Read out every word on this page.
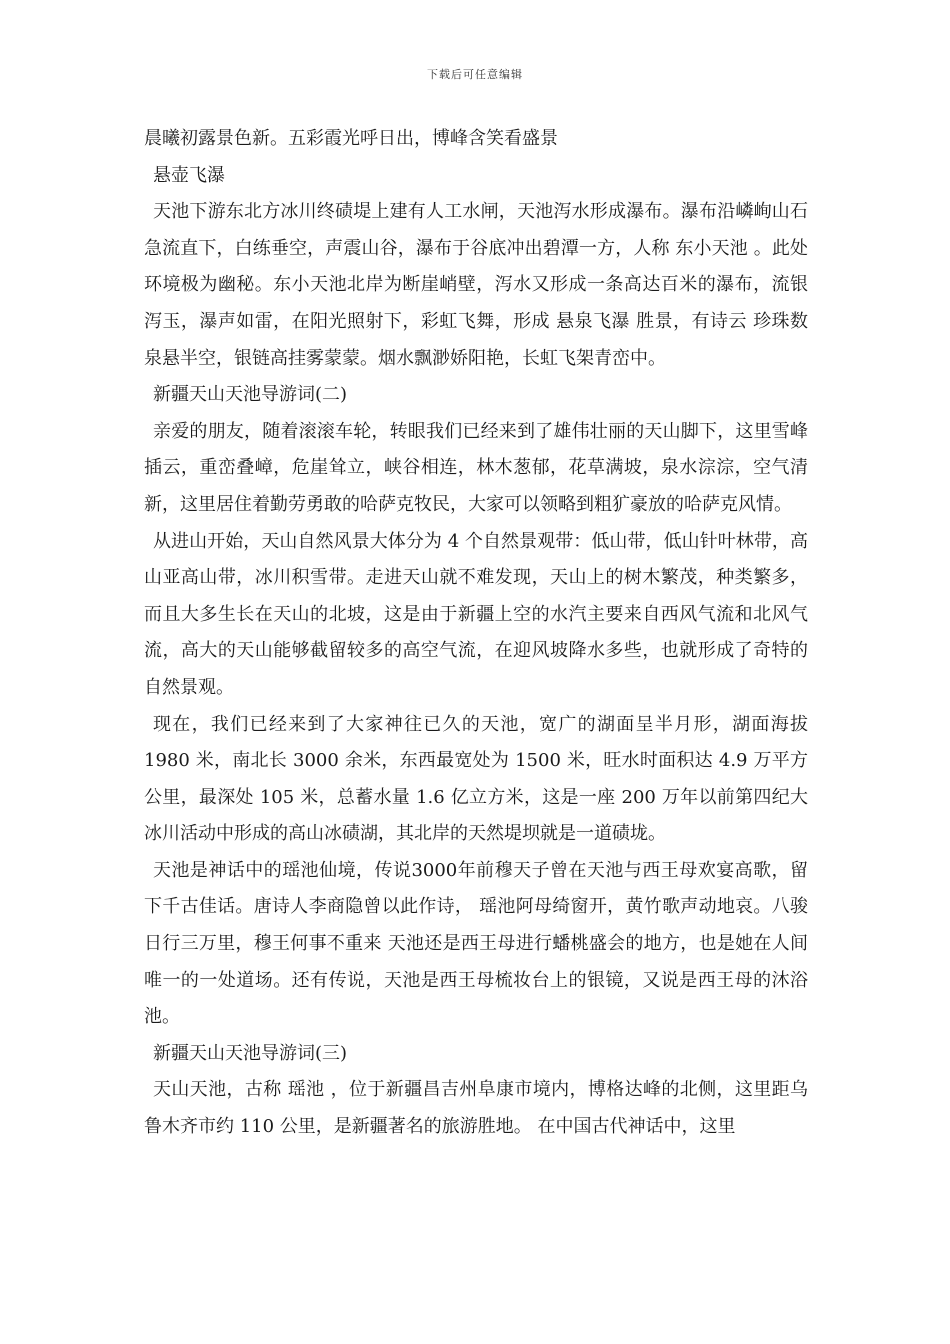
下载后可任意编辑

晨曦初露景色新。五彩霞光呼日出，博峰含笑看盛景

悬壶飞瀑

天池下游东北方冰川终碛堤上建有人工水闸，天池泻水形成瀑布。瀑布沿嶙峋山石急流直下，白练垂空，声震山谷，瀑布于谷底冲出碧潭一方，人称 东小天池 。此处环境极为幽秘。东小天池北岸为断崖峭壁，泻水又形成一条高达百米的瀑布，流银泻玉，瀑声如雷，在阳光照射下，彩虹飞舞，形成 悬泉飞瀑 胜景，有诗云 珍珠数泉悬半空，银链高挂雾蒙蒙。烟水飘渺娇阳艳，长虹飞架青峦中。

新疆天山天池导游词(二)

亲爱的朋友，随着滚滚车轮，转眼我们已经来到了雄伟壮丽的天山脚下，这里雪峰插云，重峦叠嶂，危崖耸立，峡谷相连，林木葱郁，花草满坡，泉水淙淙，空气清新，这里居住着勤劳勇敢的哈萨克牧民，大家可以领略到粗犷豪放的哈萨克风情。

从进山开始，天山自然风景大体分为 4 个自然景观带：低山带，低山针叶林带，高山亚高山带，冰川积雪带。走进天山就不难发现，天山上的树木繁茂，种类繁多，而且大多生长在天山的北坡，这是由于新疆上空的水汽主要来自西风气流和北风气流，高大的天山能够截留较多的高空气流，在迎风坡降水多些，也就形成了奇特的自然景观。

现在，我们已经来到了大家神往已久的天池，宽广的湖面呈半月形，湖面海拔1980 米，南北长 3000 余米，东西最宽处为 1500 米，旺水时面积达 4.9 万平方公里，最深处 105 米，总蓄水量 1.6 亿立方米，这是一座 200 万年以前第四纪大冰川活动中形成的高山冰碛湖，其北岸的天然堤坝就是一道碛垅。

天池是神话中的瑶池仙境，传说3000年前穆天子曾在天池与西王母欢宴高歌，留下千古佳话。唐诗人李商隐曾以此作诗， 瑶池阿母绮窗开，黄竹歌声动地哀。八骏日行三万里，穆王何事不重来 天池还是西王母进行蟠桃盛会的地方，也是她在人间唯一的一处道场。还有传说，天池是西王母梳妆台上的银镜，又说是西王母的沐浴池。

新疆天山天池导游词(三)

天山天池，古称 瑶池 ，位于新疆昌吉州阜康市境内，博格达峰的北侧，这里距乌鲁木齐市约 110 公里，是新疆著名的旅游胜地。 在中国古代神话中，这里
